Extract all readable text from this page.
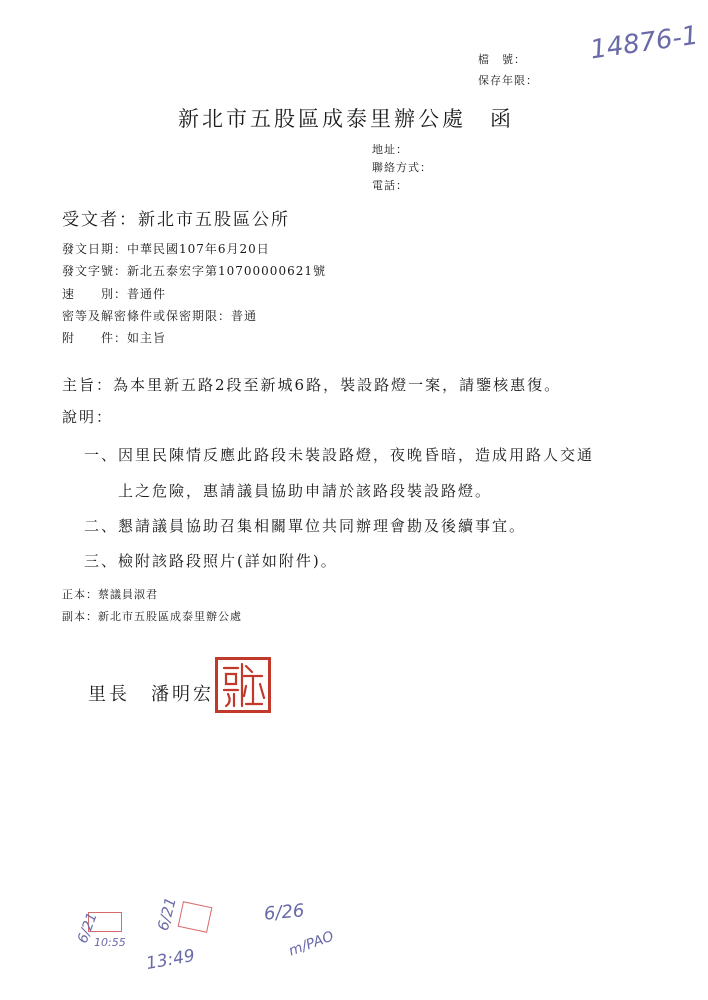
14876-1
檔　號：
保存年限：
新北市五股區成泰里辦公處　函
地址：
聯絡方式：
電話：
受文者：新北市五股區公所
發文日期：中華民國107年6月20日
發文字號：新北五泰宏字第10700000621號
速　　別：普通件
密等及解密條件或保密期限：普通
附　　件：如主旨
主旨：為本里新五路2段至新城6路，裝設路燈一案，請鑒核惠復。
說明：
一、因里民陳情反應此路段未裝設路燈，夜晚昏暗，造成用路人交通
上之危險，惠請議員協助申請於該路段裝設路燈。
二、懇請議員協助召集相關單位共同辦理會勘及後續事宜。
三、檢附該路段照片(詳如附件)。
正本：蔡議員淑君
副本：新北市五股區成泰里辦公處
里長　潘明宏
6/21
10:55
6/21
13:49
6/26
m/PAO
